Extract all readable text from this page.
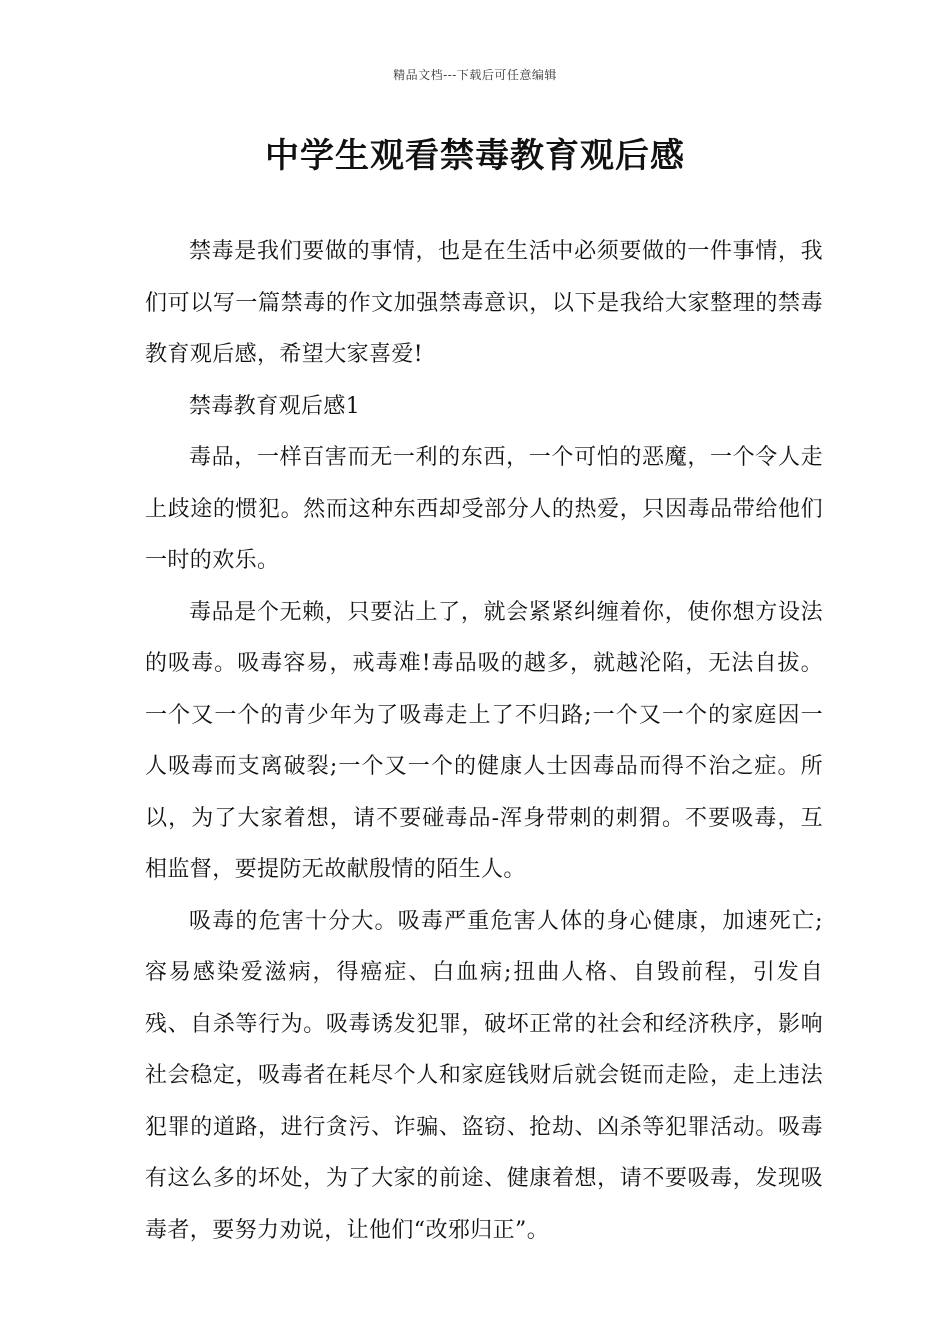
精品文档---下载后可任意编辑
中学生观看禁毒教育观后感

禁毒是我们要做的事情，也是在生活中必须要做的一件事情，我们可以写一篇禁毒的作文加强禁毒意识，以下是我给大家整理的禁毒教育观后感，希望大家喜爱!

禁毒教育观后感1

毒品，一样百害而无一利的东西，一个可怕的恶魔，一个令人走上歧途的惯犯。然而这种东西却受部分人的热爱，只因毒品带给他们一时的欢乐。

毒品是个无赖，只要沾上了，就会紧紧纠缠着你，使你想方设法的吸毒。吸毒容易，戒毒难!毒品吸的越多，就越沦陷，无法自拔。一个又一个的青少年为了吸毒走上了不归路;一个又一个的家庭因一人吸毒而支离破裂;一个又一个的健康人士因毒品而得不治之症。所以，为了大家着想，请不要碰毒品-浑身带刺的刺猬。不要吸毒，互相监督，要提防无故献殷情的陌生人。

吸毒的危害十分大。吸毒严重危害人体的身心健康，加速死亡;容易感染爱滋病，得癌症、白血病;扭曲人格、自毁前程，引发自残、自杀等行为。吸毒诱发犯罪，破坏正常的社会和经济秩序，影响社会稳定，吸毒者在耗尽个人和家庭钱财后就会铤而走险，走上违法犯罪的道路，进行贪污、诈骗、盗窃、抢劫、凶杀等犯罪活动。吸毒有这么多的坏处，为了大家的前途、健康着想，请不要吸毒，发现吸毒者，要努力劝说，让他们“改邪归正”。
